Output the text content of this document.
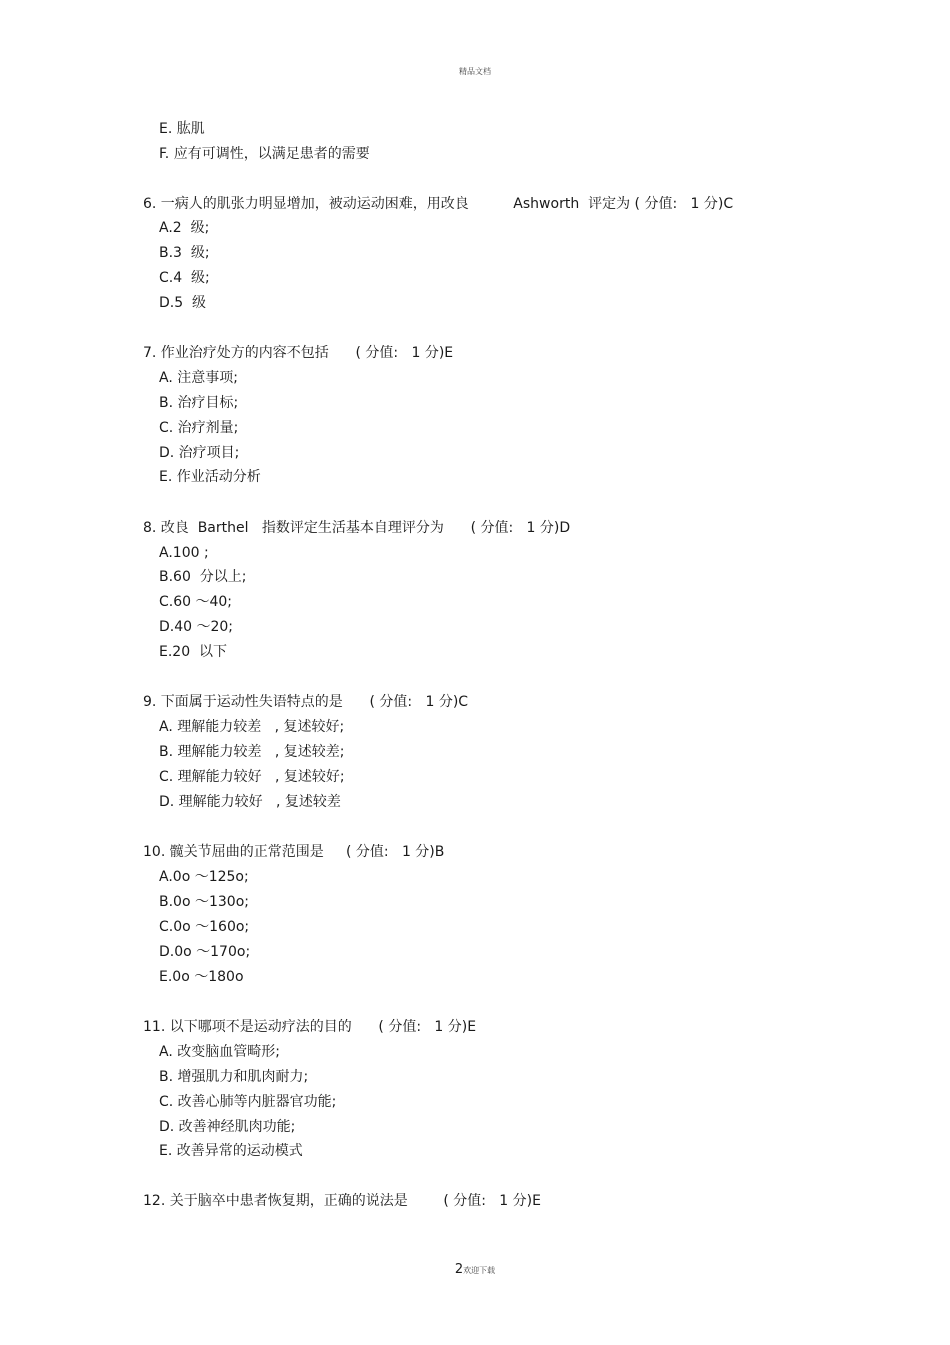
精品文档
E. 肱肌
F. 应有可调性，以满足患者的需要
6. 一病人的肌张力明显增加，被动运动困难，用改良          Ashworth  评定为 ( 分值:   1 分)C
A.2  级;
B.3  级;
C.4  级;
D.5  级
7. 作业治疗处方的内容不包括      ( 分值:   1 分)E
A. 注意事项;
B. 治疗目标;
C. 治疗剂量;
D. 治疗项目;
E. 作业活动分析
8. 改良  Barthel   指数评定生活基本自理评分为      ( 分值:   1 分)D
A.100 ;
B.60  分以上;
C.60 ～40;
D.40 ～20;
E.20  以下
9. 下面属于运动性失语特点的是      ( 分值:   1 分)C
A. 理解能力较差   , 复述较好;
B. 理解能力较差   , 复述较差;
C. 理解能力较好   , 复述较好;
D. 理解能力较好   , 复述较差
10. 髋关节屈曲的正常范围是     ( 分值:   1 分)B
A.0o ～125o;
B.0o ～130o;
C.0o ～160o;
D.0o ～170o;
E.0o ～180o
11. 以下哪项不是运动疗法的目的      ( 分值:   1 分)E
A. 改变脑血管畸形;
B. 增强肌力和肌肉耐力;
C. 改善心肺等内脏器官功能;
D. 改善神经肌肉功能;
E. 改善异常的运动模式
12. 关于脑卒中患者恢复期，正确的说法是        ( 分值:   1 分)E
2欢迎下载
